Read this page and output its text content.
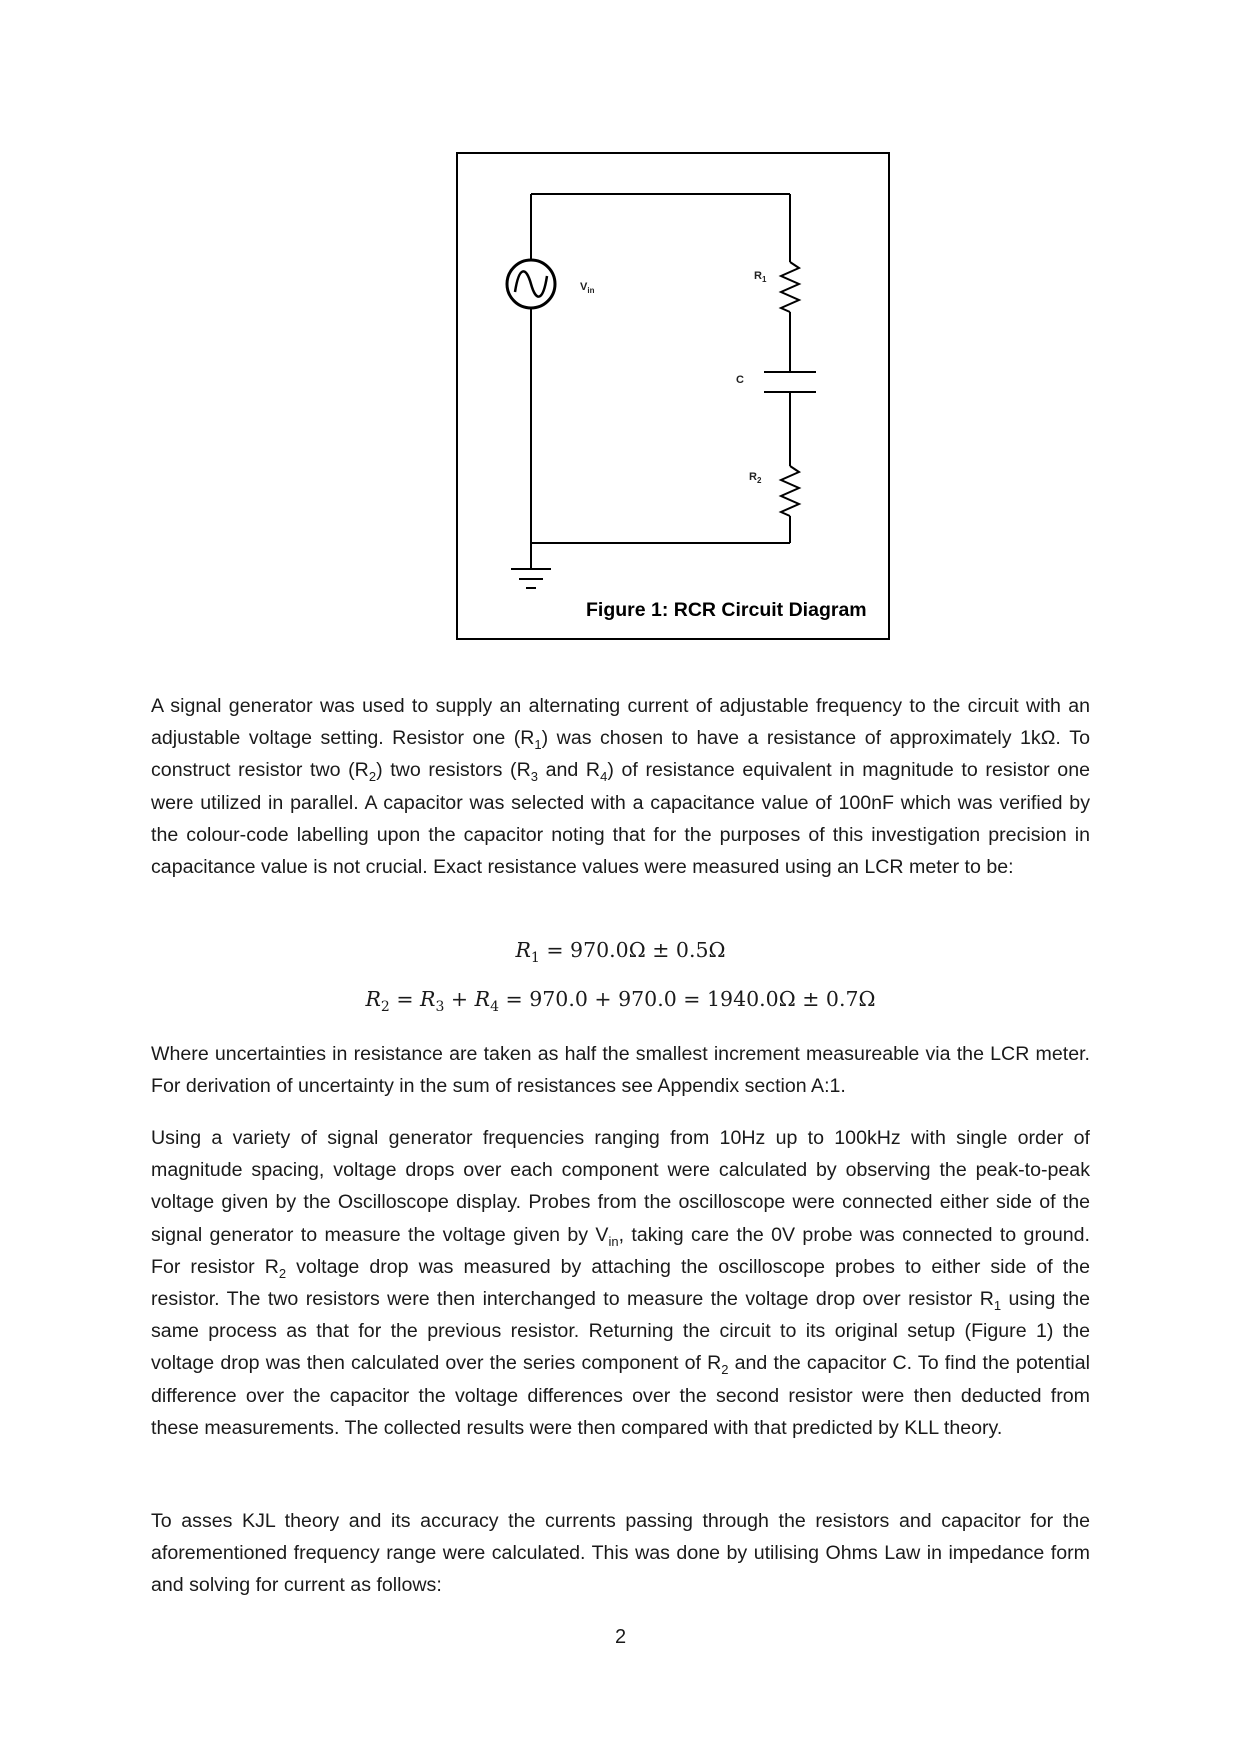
$V_{in}$
$R_1$
C
$R_2$
Figure 1: RCR Circuit Diagram

A signal generator was used to supply an alternating current of adjustable frequency to the circuit with an adjustable voltage setting. Resistor one $(R_1)$ was chosen to have a resistance of approximately 1kΩ. To construct resistor two $(R_2)$ two resistors ($R_3$ and $R_4$) of resistance equivalent in magnitude to resistor one were utilized in parallel. A capacitor was selected with a capacitance value of 100nF which was verified by the colour-code labelling upon the capacitor noting that for the purposes of this investigation precision in capacitance value is not crucial. Exact resistance values were measured using an LCR meter to be:

$R_1 = 970.0\Omega \pm 0.5\Omega$
$R_2 = R_3 + R_4 = 970.0 + 970.0 = 1940.0\Omega \pm 0.7\Omega$

Where uncertainties in resistance are taken as half the smallest increment measureable via the LCR meter. For derivation of uncertainty in the sum of resistances see Appendix section A:1.

Using a variety of signal generator frequencies ranging from 10Hz up to 100kHz with single order of magnitude spacing, voltage drops over each component were calculated by observing the peak-to-peak voltage given by the Oscilloscope display. Probes from the oscilloscope were connected either side of the signal generator to measure the voltage given by $V_{in}$, taking care the 0V probe was connected to ground. For resistor $R_2$ voltage drop was measured by attaching the oscilloscope probes to either side of the resistor. The two resistors were then interchanged to measure the voltage drop over resistor $R_1$ using the same process as that for the previous resistor. Returning the circuit to its original setup (Figure 1) the voltage drop was then calculated over the series component of $R_2$ and the capacitor C. To find the potential difference over the capacitor the voltage differences over the second resistor were then deducted from these measurements. The collected results were then compared with that predicted by KLL theory.

To asses KJL theory and its accuracy the currents passing through the resistors and capacitor for the aforementioned frequency range were calculated. This was done by utilising Ohms Law in impedance form and solving for current as follows:

2
